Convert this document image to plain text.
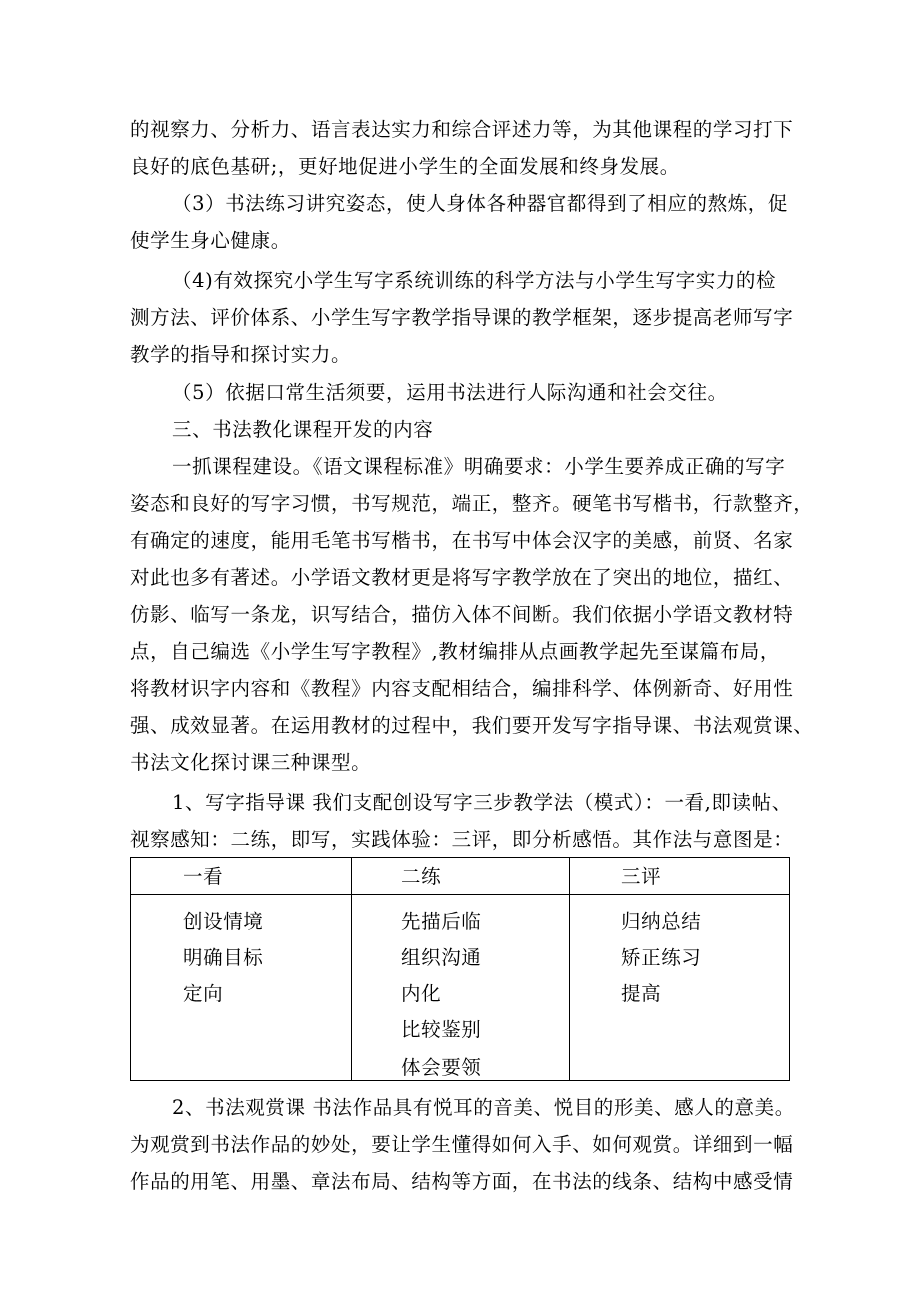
的视察力、分析力、语言表达实力和综合评述力等，为其他课程的学习打下
良好的底色基研;，更好地促进小学生的全面发展和终身发展。
（3）书法练习讲究姿态，使人身体各种器官都得到了相应的熬炼，促
使学生身心健康。
（4)有效探究小学生写字系统训练的科学方法与小学生写字实力的检
测方法、评价体系、小学生写字教学指导课的教学框架，逐步提高老师写字
教学的指导和探讨实力。
（5）依据口常生活须要，运用书法进行人际沟通和社会交往。
三、书法教化课程开发的内容
一抓课程建设。《语文课程标准》明确要求：小学生要养成正确的写字
姿态和良好的写字习惯，书写规范，端正，整齐。硬笔书写楷书，行款整齐，
有确定的速度，能用毛笔书写楷书，在书写中体会汉字的美感，前贤、名家
对此也多有著述。小学语文教材更是将写字教学放在了突出的地位，描红、
仿影、临写一条龙，识写结合，描仿入体不间断。我们依据小学语文教材特
点，自己编选《小学生写字教程》,教材编排从点画教学起先至谋篇布局，
将教材识字内容和《教程》内容支配相结合，编排科学、体例新奇、好用性
强、成效显著。在运用教材的过程中，我们要开发写字指导课、书法观赏课、
书法文化探讨课三种课型。
1、写字指导课 我们支配创设写字三步教学法（模式）：一看,即读帖、
视察感知：二练，即写，实践体验：三评，即分析感悟。其作法与意图是：
一看	二练	三评
创设情境
明确目标
定向
先描后临
组织沟通
内化
比较鉴别
体会要领
归纳总结
矫正练习
提高
2、书法观赏课 书法作品具有悦耳的音美、悦目的形美、感人的意美。
为观赏到书法作品的妙处，要让学生懂得如何入手、如何观赏。详细到一幅
作品的用笔、用墨、章法布局、结构等方面，在书法的线条、结构中感受情
